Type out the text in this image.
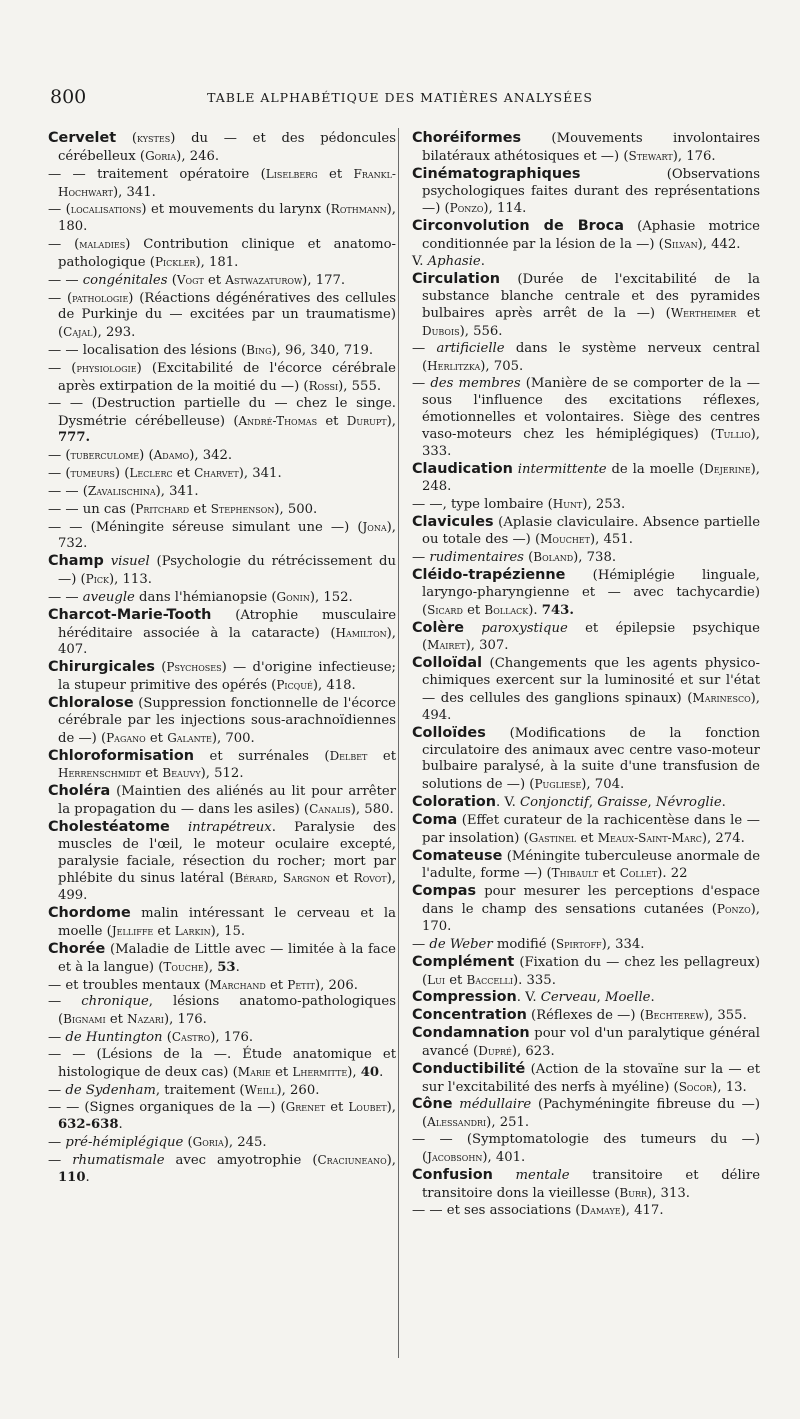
800	TABLE ALPHABÉTIQUE DES MATIÈRES ANALYSÉES

Cervelet (kystes) du — et des pédoncules cérébelleux (Goria), 246.

— — traitement opératoire (Liselberg et Frankl-Hochwart), 341.

— (localisations) et mouvements du larynx (Rothmann), 180.

— (maladies) Contribution clinique et anatomo-pathologique (Pickler), 181.

— — congénitales (Vogt et Astwazaturow), 177.

— (pathologie) (Réactions dégénératives des cellules de Purkinje du — excitées par un traumatisme) (Cajal), 293.

— — localisation des lésions (Bing), 96, 340, 719.

— (physiologie) (Excitabilité de l'écorce cérébrale après extirpation de la moitié du —) (Rossi), 555.

— — (Destruction partielle du — chez le singe. Dysmétrie cérébelleuse) (André-Thomas et Durupt), 777.

— (tuberculome) (Adamo), 342.

— (tumeurs) (Leclerc et Charvet), 341.

— — (Zavalischina), 341.

— — un cas (Pritchard et Stephenson), 500.

— — (Méningite séreuse simulant une —) (Jona), 732.

Champ visuel (Psychologie du rétrécissement du —) (Pick), 113.

— — aveugle dans l'hémianopsie (Gonin), 152.

Charcot-Marie-Tooth (Atrophie musculaire héréditaire associée à la cataracte) (Hamilton), 407.

Chirurgicales (Psychoses) — d'origine infectieuse; la stupeur primitive des opérés (Picqué), 418.

Chloralose (Suppression fonctionnelle de l'écorce cérébrale par les injections sous-arachnoïdiennes de —) (Pagano et Galante), 700.

Chloroformisation et surrénales (Delbet et Herrenschmidt et Beauvy), 512.

Choléra (Maintien des aliénés au lit pour arrêter la propagation du — dans les asiles) (Canalis), 580.

Cholestéatome intrapétreux. Paralysie des muscles de l'œil, le moteur oculaire excepté, paralysie faciale, résection du rocher; mort par phlébite du sinus latéral (Bérard, Sargnon et Rovot), 499.

Chordome malin intéressant le cerveau et la moelle (Jelliffe et Larkin), 15.

Chorée (Maladie de Little avec — limitée à la face et à la langue) (Touche), 53.

— et troubles mentaux (Marchand et Petit), 206.

— chronique, lésions anatomo-pathologiques (Bignami et Nazari), 176.

— de Huntington (Castro), 176.

— — (Lésions de la —. Étude anatomique et histologique de deux cas) (Marie et Lhermitte), 40.

— de Sydenham, traitement (Weill), 260.

— — (Signes organiques de la —) (Grenet et Loubet), 632-638.

— pré-hémiplégique (Goria), 245.

— rhumatismale avec amyotrophie (Craciuneano), 110.

Choréiformes (Mouvements involontaires bilatéraux athétosiques et —) (Stewart), 176.

Cinématographiques (Observations psychologiques faites durant des représentations —) (Ponzo), 114.

Circonvolution de Broca (Aphasie motrice conditionnée par la lésion de la —) (Silvan), 442.

V. Aphasie.

Circulation (Durée de l'excitabilité de la substance blanche centrale et des pyramides bulbaires après arrêt de la —) (Wertheimer et Dubois), 556.

— artificielle dans le système nerveux central (Herlitzka), 705.

— des membres (Manière de se comporter de la — sous l'influence des excitations réflexes, émotionnelles et volontaires. Siège des centres vaso-moteurs chez les hémiplégiques) (Tullio), 333.

Claudication intermittente de la moelle (Dejerine), 248.

— —, type lombaire (Hunt), 253.

Clavicules (Aplasie claviculaire. Absence partielle ou totale des —) (Mouchet), 451.

— rudimentaires (Boland), 738.

Cléido-trapézienne (Hémiplégie linguale, laryngo-pharyngienne et — avec tachycardie) (Sicard et Bollack). 743.

Colère paroxystique et épilepsie psychique (Mairet), 307.

Colloïdal (Changements que les agents physico-chimiques exercent sur la luminosité et sur l'état — des cellules des ganglions spinaux) (Marinesco), 494.

Colloïdes (Modifications de la fonction circulatoire des animaux avec centre vaso-moteur bulbaire paralysé, à la suite d'une transfusion de solutions de —) (Pugliese), 704.

Coloration. V. Conjonctif, Graisse, Névroglie.

Coma (Effet curateur de la rachicentèse dans le — par insolation) (Gastinel et Meaux-Saint-Marc), 274.

Comateuse (Méningite tuberculeuse anormale de l'adulte, forme —) (Thibault et Collet). 22

Compas pour mesurer les perceptions d'espace dans le champ des sensations cutanées (Ponzo), 170.

— de Weber modifié (Spirtoff), 334.

Complément (Fixation du — chez les pellagreux) (Lui et Baccelli). 335.

Compression. V. Cerveau, Moelle.

Concentration (Réflexes de —) (Bechterew), 355.

Condamnation pour vol d'un paralytique général avancé (Dupré), 623.

Conductibilité (Action de la stovaïne sur la — et sur l'excitabilité des nerfs à myéline) (Socor), 13.

Cône médullaire (Pachyméningite fibreuse du —) (Alessandri), 251.

— — (Symptomatologie des tumeurs du —) (Jacobsohn), 401.

Confusion mentale transitoire et délire transitoire dons la vieillesse (Burr), 313.

— — et ses associations (Damaye), 417.
